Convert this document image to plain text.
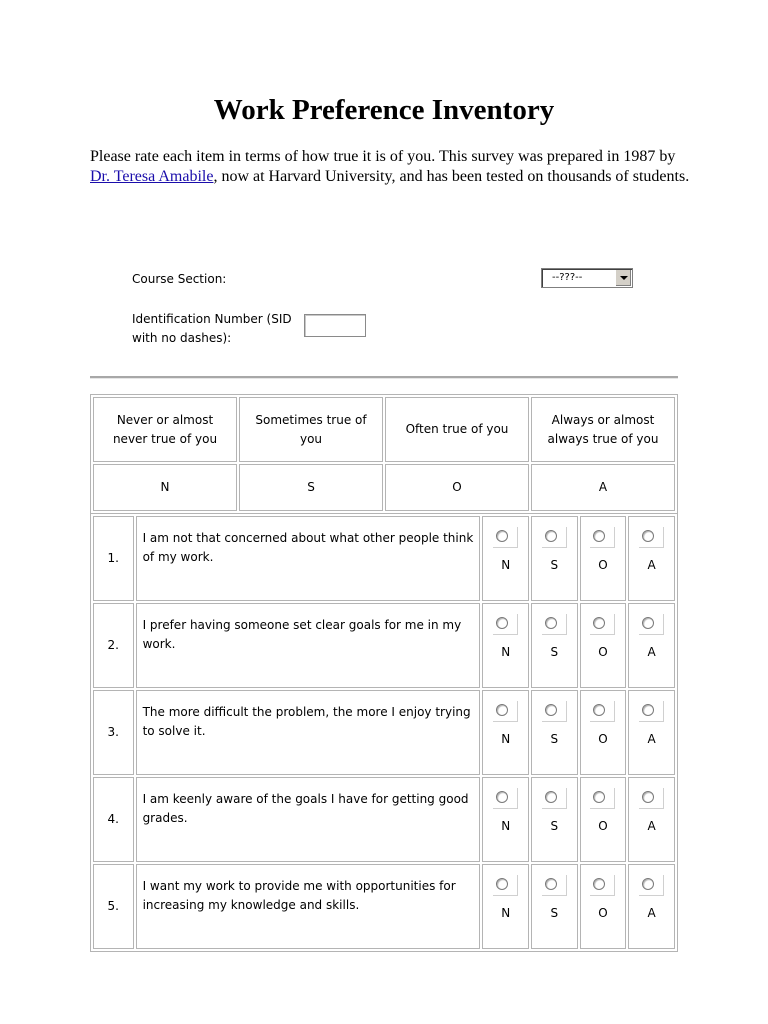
Work Preference Inventory
Please rate each item in terms of how true it is of you. This survey was prepared in 1987 by Dr. Teresa Amabile, now at Harvard University, and has been tested on thousands of students.
Course Section:	--???--
Identification Number (SID
with no dashes):
Never or almost never true of you	Sometimes true of you	Often true of you	Always or almost always true of you
N	S	O	A
1.	I am not that concerned about what other people think of my work.	N	S	O	A

2.	I prefer having someone set clear goals for me in my work.	N	S	O	A

3.	The more difficult the problem, the more I enjoy trying to solve it.	N	S	O	A

4.	I am keenly aware of the goals I have for getting good grades.	N	S	O	A

5.	I want my work to provide me with opportunities for increasing my knowledge and skills.	N	S	O	A
